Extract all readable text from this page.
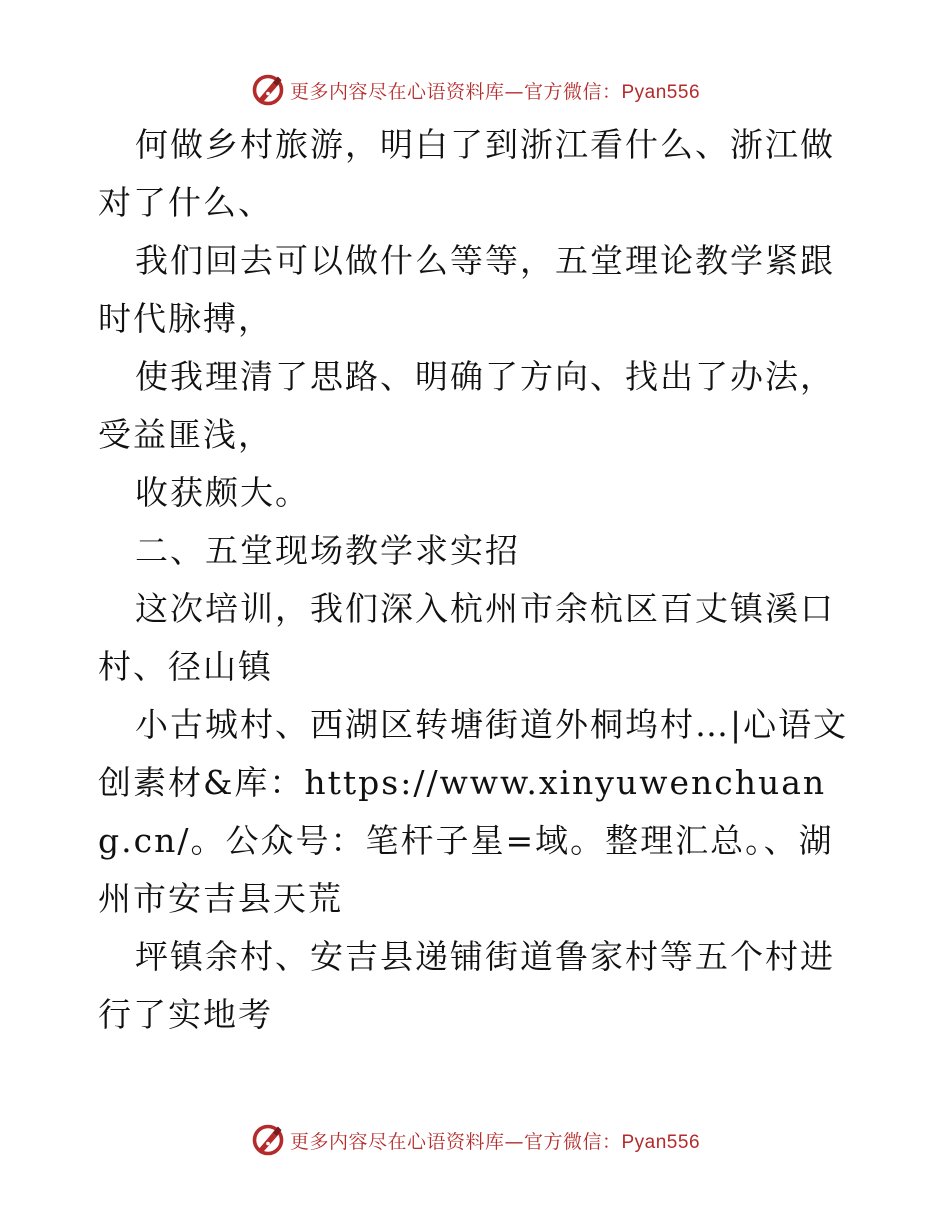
更多内容尽在心语资料库—官方微信：Pyan556

何做乡村旅游，明白了到浙江看什么、浙江做对了什么、

我们回去可以做什么等等，五堂理论教学紧跟时代脉搏，

使我理清了思路、明确了方向、找出了办法，受益匪浅，

收获颇大。

二、五堂现场教学求实招

这次培训，我们深入杭州市余杭区百丈镇溪口村、径山镇

小古城村、西湖区转塘街道外桐坞村…|心语文创素材&库：https://www.xinyuwenchuang.cn/。公众号：笔杆子星=域。整理汇总。、湖州市安吉县天荒

坪镇余村、安吉县递铺街道鲁家村等五个村进行了实地考

更多内容尽在心语资料库—官方微信：Pyan556
